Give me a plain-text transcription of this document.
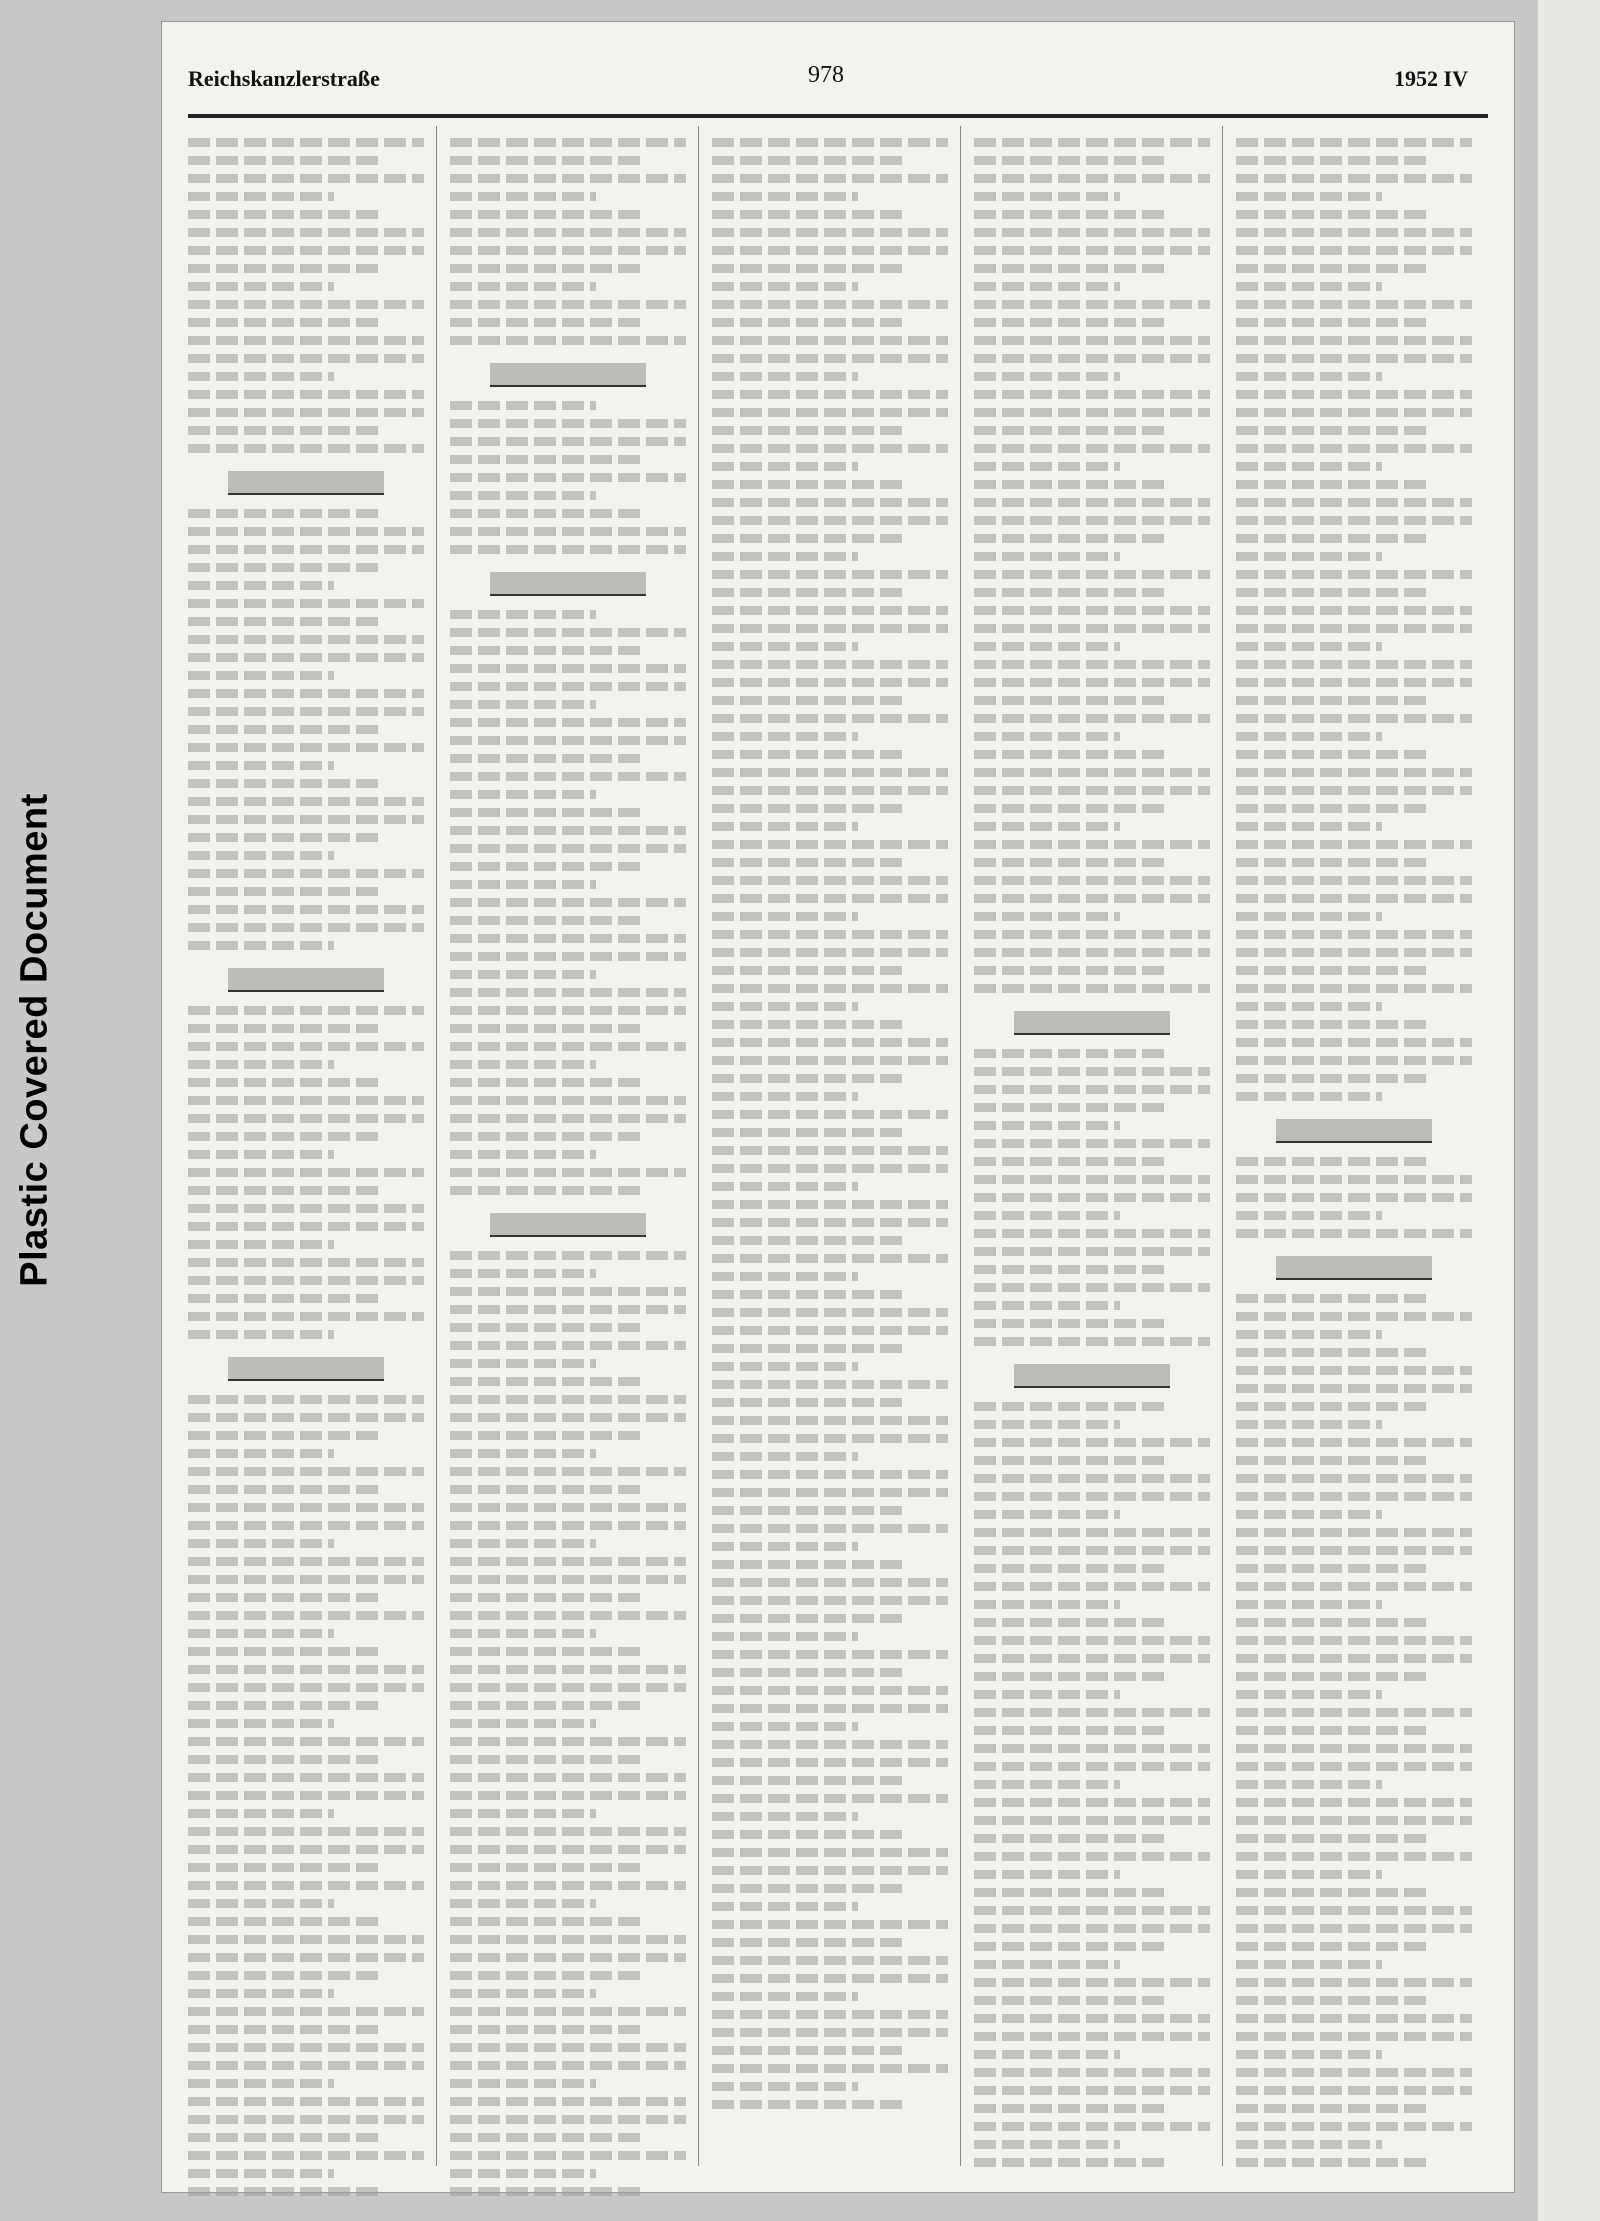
Plastic Covered Document
Reichskanzlerstraße	978	1952 IV
